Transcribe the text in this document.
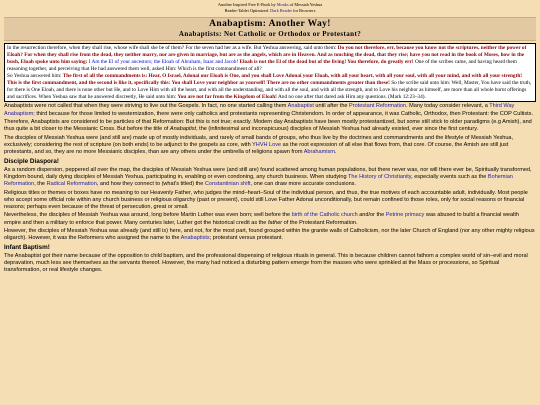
Another Inspired Free E-Book by Monks of Messiah Yeshua
Reader-Tablet Optimized. Dark Reader for Browsers
Anabaptism: Another Way!
Anabaptists: Not Catholic or Orthodox or Protestant?
In the resurrection therefore, when they shall rise, whose wife shall she be of them? For the seven had her as a wife. But Yeshua answering, said unto them: Do you not therefore, err, because you know not the scriptures, neither the power of Eloah? For when they shall rise from the dead, they neither marry, nor are given in marriage, but are as the angels, which are in Heaven. And as touching the dead, that they rise; have you not read in the book of Moses, how in the bush, Eloah spoke unto him saying: I Am the El of your ancestors; the Eloah of Abraham, Isaac and Jacob! Eloah is not the El of the dead but of the living! You therefore, do greatly err! One of the scribes came, and having heard them reasoning together, and perceiving that He had answered them well, asked Him: Which is the first commandment of all?
So Yeshua answered him: The first of all the commandments is: Hear, O Israel, Adonai our Eloah is One, and you shall Love Adonai your Eloah, with all your heart, with all your soul, with all your mind, and with all your strength! This is the first commandment, and the second is like it, specifically this: You shall Love your neighbor as yourself! There are no other commandments greater than these! So the scribe said unto him: Well, Master, You have said the truth, for there is One Eloah, and there is none other but He, and to Love Him with all the heart, and with all the understanding, and with all the soul, and with all the strength, and to Love his neighbor as himself, are more than all whole burnt offerings and sacrifices. When Yeshua saw that he answered discreetly, He said unto him: You are not far from the Kingdom of Eloah! And no one after that dared ask Him any questions. (Mark 12:23–34).

Anabaptists were not called that when they were striving to live out the Gospels. In fact, no one started calling them Anabaptist until after the Protestant Reformation. Many today consider relevant, a Third Way Anabaptism; third because for those limited to westernization, there were only catholics and protestants representing Christendom. In order of appearance, it was Catholic, Orthodox, then Protestant: the COP Cultists.

Therefore, Anabaptists are considered to be particles of that Reformation: But this is not true; exactly. Modern day Anabaptists have been mostly protestantized, but some still stick to older paradigms (e.g Amish), and thus quite a bit closer to the Messianic Cross. But before the title of Anabaptist, the (infinitesimal and inconspicuous) disciples of Messiah Yeshua had already existed, ever since the first century.

The disciples of Messiah Yeshua were (and still are) made up of mostly individuals, and rarely of small bands of groups, who thus live by the doctrines and commandments and the lifestyle of Messiah Yeshua, exclusively; considering the rest of scripture (on both ends) to be adjunct to the gospels as core, with YHVH Love as the root expression of all else that flows from, that core. Of course, the Amish are still just protestants, and so, they are no more Messianic disciples, than are any others under the umbrella of religions spawn from Abrahamism.

Disciple Diaspora!

As a random dispersion, peppered all over the map, the disciples of Messiah Yeshua were (and still are) found scattered among human populations, but there never was, nor will there ever be, Spiritually transformed, Kingdom bound, daily dying disciples of Messiah Yeshua, participating in, enabling or even condoning, any church business. When studying The History of Christianity, especially events such as the Bohemian Reformation, the Radical Reformation, and how they connect to (what's titled) the Constantinian shift, one can draw more accurate conclusions.

Religious titles or themes or boxes have no meaning to our Heavenly Father, who judges the mind–heart–Soul of the individual person, and thus, the true motives of each accountable adult, individually. Most people who accept some official role within any church business or religious oligarchy (past or present), could still Love Father Adonai unconditionally, but remain confined to those roles, only for social reasons or financial reasons; perhaps even because of the threat of persecution, great or small.

Nevertheless, the disciples of Messiah Yeshua was around, long before Martin Luther was even born; well before the birth of the Catholic church and/or the Petrine primacy was abused to build a financial wealth empire and then a military to enforce that power. Many centuries later, Luther got the historical credit as the father of the Protestant Reformation.

However, the disciples of Messiah Yeshua was already (and still is) here, and not, for the most part, found grouped within the granite walls of Catholicism, nor the later Church of England (nor any other mighty religious oligarch). However, it was the Reformers who assigned the name to the Anabaptists; protestant versus protestant.

Infant Baptism!

The Anabaptist got their name because of the opposition to child baptism, and the professional dispensing of religious rituals in general. This is because children cannot fathom a complex world of sin–evil and moral depravation, much less see themselves as the servants thereof. However, the many had noticed a disturbing pattern emerge from the masses who were sprinkled at the Mass or processions, so Spiritual transformation, or real lifestyle changes.
